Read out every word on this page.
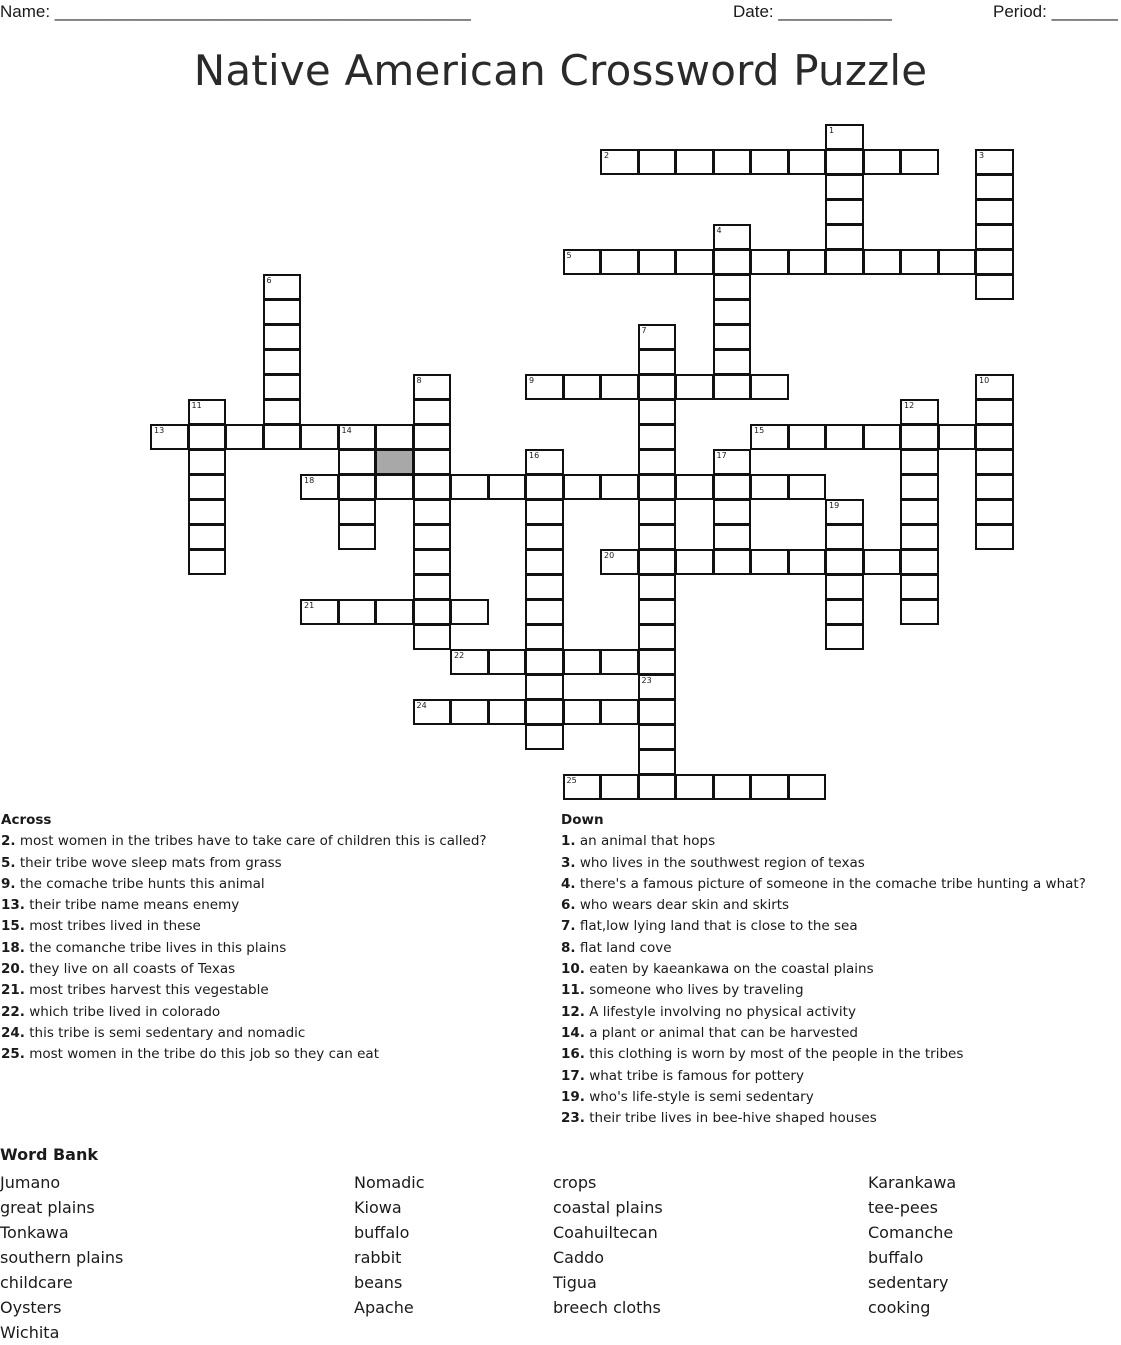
Name: ____________________________________________	Date: ____________	Period: _______
Native American Crossword Puzzle
2
5
9
13	14	15
18
20
21
22
24
25
1
3
4
6
7
8	10
11	12
16	17
19
23
Across
2. most women in the tribes have to take care of children this is called?
5. their tribe wove sleep mats from grass
9. the comache tribe hunts this animal
13. their tribe name means enemy
15. most tribes lived in these
18. the comanche tribe lives in this plains
20. they live on all coasts of Texas
21. most tribes harvest this vegestable
22. which tribe lived in colorado
24. this tribe is semi sedentary and nomadic
25. most women in the tribe do this job so they can eat
Down
1. an animal that hops
3. who lives in the southwest region of texas
4. there's a famous picture of someone in the comache tribe hunting a what?
6. who wears dear skin and skirts
7. flat,low lying land that is close to the sea
8. flat land cove
10. eaten by kaeankawa on the coastal plains
11. someone who lives by traveling
12. A lifestyle involving no physical activity
14. a plant or animal that can be harvested
16. this clothing is worn by most of the people in the tribes
17. what tribe is famous for pottery
19. who's life-style is semi sedentary
23. their tribe lives in bee-hive shaped houses
Word Bank
Jumano
great plains
Tonkawa
southern plains
childcare
Oysters
Wichita
Nomadic
Kiowa
buffalo
rabbit
beans
Apache
crops
coastal plains
Coahuiltecan
Caddo
Tigua
breech cloths
Karankawa
tee-pees
Comanche
buffalo
sedentary
cooking
